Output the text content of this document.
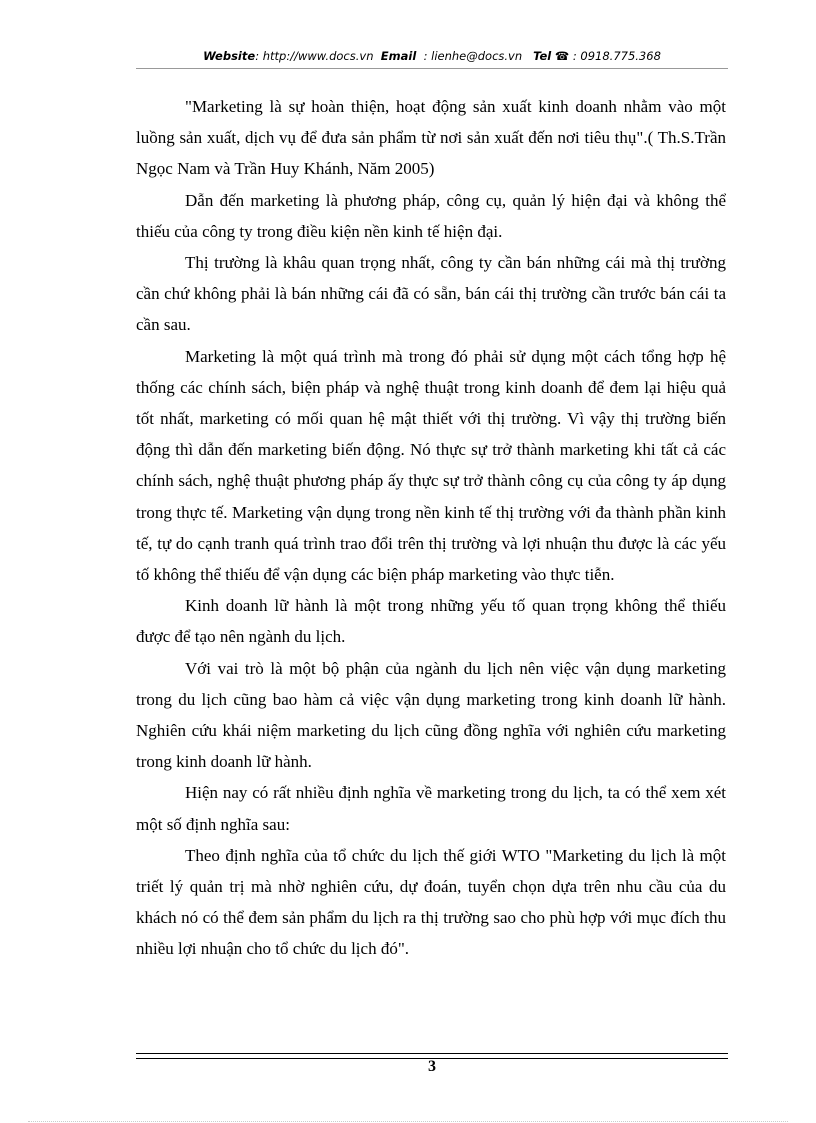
Website: http://www.docs.vn Email : lienhe@docs.vn Tel ☎ : 0918.775.368

"Marketing là sự hoàn thiện, hoạt động sản xuất kinh doanh nhằm vào một luồng sản xuất, dịch vụ để đưa sản phẩm từ nơi sản xuất đến nơi tiêu thụ".( Th.S.Trần Ngọc Nam và Trần Huy Khánh, Năm 2005)

Dẫn đến marketing là phương pháp, công cụ, quản lý hiện đại và không thể thiếu của công ty trong điều kiện nền kinh tế hiện đại.

Thị trường là khâu quan trọng nhất, công ty cần bán những cái mà thị trường cần chứ không phải là bán những cái đã có sẵn, bán cái thị trường cần trước bán cái ta cần sau.

Marketing là một quá trình mà trong đó phải sử dụng một cách tổng hợp hệ thống các chính sách, biện pháp và nghệ thuật trong kinh doanh để đem lại hiệu quả tốt nhất, marketing có mối quan hệ mật thiết với thị trường. Vì vậy thị trường biến động thì dẫn đến marketing biến động. Nó thực sự trở thành marketing khi tất cả các chính sách, nghệ thuật phương pháp ấy thực sự trở thành công cụ của công ty áp dụng trong thực tế. Marketing vận dụng trong nền kinh tế thị trường với đa thành phần kinh tế, tự do cạnh tranh quá trình trao đổi trên thị trường và lợi nhuận thu được là các yếu tố không thể thiếu để vận dụng các biện pháp marketing vào thực tiễn.

Kinh doanh lữ hành là một trong những yếu tố quan trọng không thể thiếu được để tạo nên ngành du lịch.

Với vai trò là một bộ phận của ngành du lịch nên việc vận dụng marketing trong du lịch cũng bao hàm cả việc vận dụng marketing trong kinh doanh lữ hành. Nghiên cứu khái niệm marketing du lịch cũng đồng nghĩa với nghiên cứu marketing trong kinh doanh lữ hành.

Hiện nay có rất nhiều định nghĩa về marketing trong du lịch, ta có thể xem xét một số định nghĩa sau:

Theo định nghĩa của tổ chức du lịch thế giới WTO "Marketing du lịch là một triết lý quản trị mà nhờ nghiên cứu, dự đoán, tuyển chọn dựa trên nhu cầu của du khách nó có thể đem sản phẩm du lịch ra thị trường sao cho phù hợp với mục đích thu nhiều lợi nhuận cho tổ chức du lịch đó".

3
